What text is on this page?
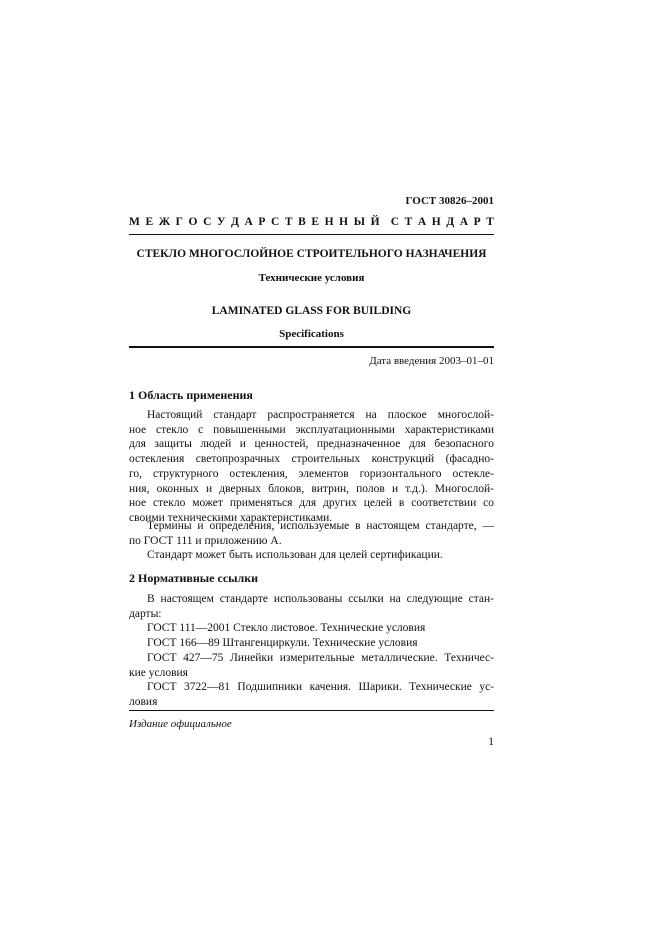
ГОСТ 30826–2001
М Е Ж Г О С У Д А Р С Т В Е Н Н Ы Й С Т А Н Д А Р Т
СТЕКЛО МНОГОСЛОЙНОЕ СТРОИТЕЛЬНОГО НАЗНАЧЕНИЯ
Технические условия
LAMINATED GLASS FOR BUILDING
Specifications
Дата введения 2003–01–01
1 Область применения
Настоящий стандарт распространяется на плоское многослой-
ное стекло с повышенными эксплуатационными характеристиками
для защиты людей и ценностей, предназначенное для безопасного
остекления светопрозрачных строительных конструкций (фасадно-
го, структурного остекления, элементов горизонтального остекле-
ния, оконных и дверных блоков, витрин, полов и т.д.). Многослой-
ное стекло может применяться для других целей в соответствии со
своими техническими характеристиками.
Термины и определения, используемые в настоящем стандарте, —
по ГОСТ 111 и приложению А.
Стандарт может быть использован для целей сертификации.
2 Нормативные ссылки
В настоящем стандарте использованы ссылки на следующие стан-
дарты:
ГОСТ 111—2001 Стекло листовое. Технические условия
ГОСТ 166—89 Штангенциркули. Технические условия
ГОСТ 427—75 Линейки измерительные металлические. Техничес-
кие условия
ГОСТ 3722—81 Подшипники качения. Шарики. Технические ус-
ловия
Издание официальное
1
